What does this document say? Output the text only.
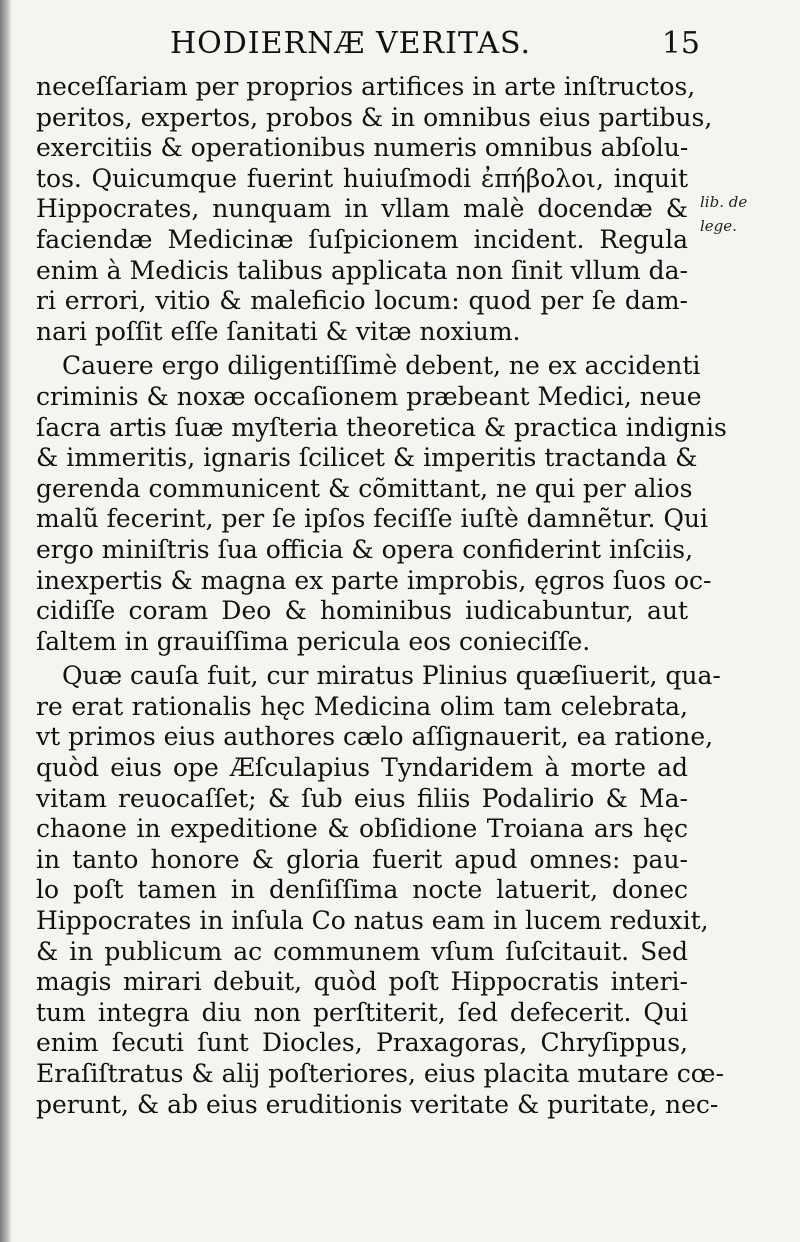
HODIERNÆ VERITAS.	15
neceſſariam per proprios artifices in arte inſtructos,
peritos, expertos, probos & in omnibus eius partibus,
exercitiis & operationibus numeris omnibus abſolu-
tos. Quicumque fuerint huiuſmodi ἐπήβολοι, inquit
Hippocrates, nunquam in vllam malè docendæ &
faciendæ Medicinæ ſuſpicionem incident. Regula
enim à Medicis talibus applicata non ſinit vllum da-
ri errori, vitio & maleficio locum: quod per ſe dam-
nari poſſit eſſe ſanitati & vitæ noxium.
Cauere ergo diligentiſſimè debent, ne ex accidenti
criminis & noxæ occaſionem præbeant Medici, neue
ſacra artis ſuæ myſteria theoretica & practica indignis
& immeritis, ignaris ſcilicet & imperitis tractanda &
gerenda communicent & cõmittant, ne qui per alios
malũ fecerint, per ſe ipſos feciſſe iuſtè damnẽtur. Qui
ergo miniſtris ſua officia & opera confiderint inſciis,
inexpertis & magna ex parte improbis, ęgros ſuos oc-
cidiſſe coram Deo & hominibus iudicabuntur, aut
ſaltem in grauiſſima pericula eos conieciſſe.
Quæ cauſa fuit, cur miratus Plinius quæſiuerit, qua-
re erat rationalis hęc Medicina olim tam celebrata,
vt primos eius authores cælo aſſignauerit, ea ratione,
quòd eius ope Æſculapius Tyndaridem à morte ad
vitam reuocaſſet; & ſub eius filiis Podalirio & Ma-
chaone in expeditione & obſidione Troiana ars hęc
in tanto honore & gloria fuerit apud omnes: pau-
lo poſt tamen in denſiſſima nocte latuerit, donec
Hippocrates in inſula Co natus eam in lucem reduxit,
& in publicum ac communem vſum ſuſcitauit. Sed
magis mirari debuit, quòd poſt Hippocratis interi-
tum integra diu non perſtiterit, ſed defecerit. Qui
enim ſecuti ſunt Diocles, Praxagoras, Chryſippus,
Eraſiſtratus & alij poſteriores, eius placita mutare cœ-
perunt, & ab eius eruditionis veritate & puritate, nec-
lib. de
lege.
